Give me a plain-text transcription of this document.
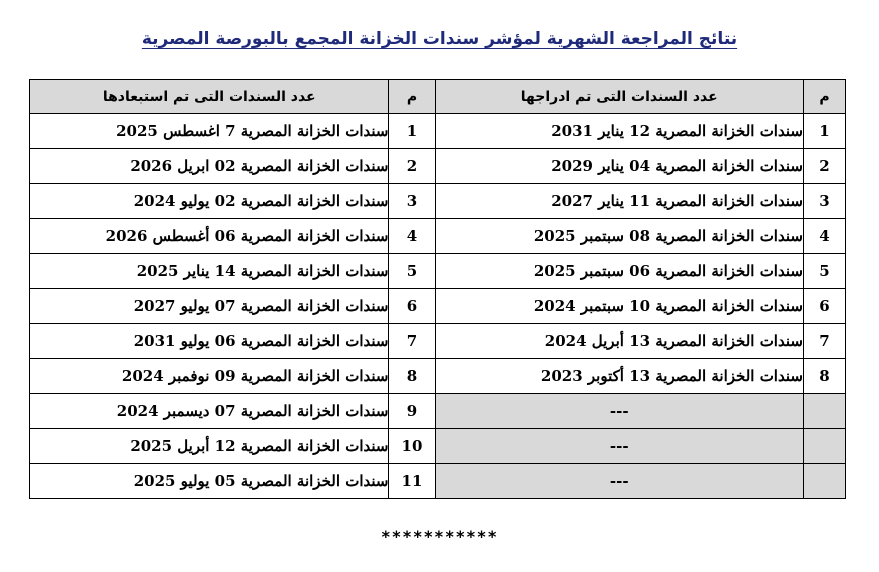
نتائج المراجعة الشهرية لمؤشر سندات الخزانة المجمع بالبورصة المصرية
م	عدد السندات التى تم ادراجها	م	عدد السندات التى تم استبعادها
1	سندات الخزانة المصرية 12 يناير 2031	1	سندات الخزانة المصرية 7 اغسطس 2025
2	سندات الخزانة المصرية 04 يناير 2029	2	سندات الخزانة المصرية 02 ابريل 2026
3	سندات الخزانة المصرية 11 يناير 2027	3	سندات الخزانة المصرية 02 يوليو 2024
4	سندات الخزانة المصرية 08 سبتمبر 2025	4	سندات الخزانة المصرية 06 أغسطس 2026
5	سندات الخزانة المصرية 06 سبتمبر 2025	5	سندات الخزانة المصرية 14 يناير 2025
6	سندات الخزانة المصرية 10 سبتمبر 2024	6	سندات الخزانة المصرية 07 يوليو 2027
7	سندات الخزانة المصرية 13 أبريل 2024	7	سندات الخزانة المصرية 06 يوليو 2031
8	سندات الخزانة المصرية 13 أكتوبر 2023	8	سندات الخزانة المصرية 09 نوفمبر 2024
	---	9	سندات الخزانة المصرية 07 ديسمبر 2024
	---	10	سندات الخزانة المصرية 12 أبريل 2025
	---	11	سندات الخزانة المصرية 05 يوليو 2025
***********
